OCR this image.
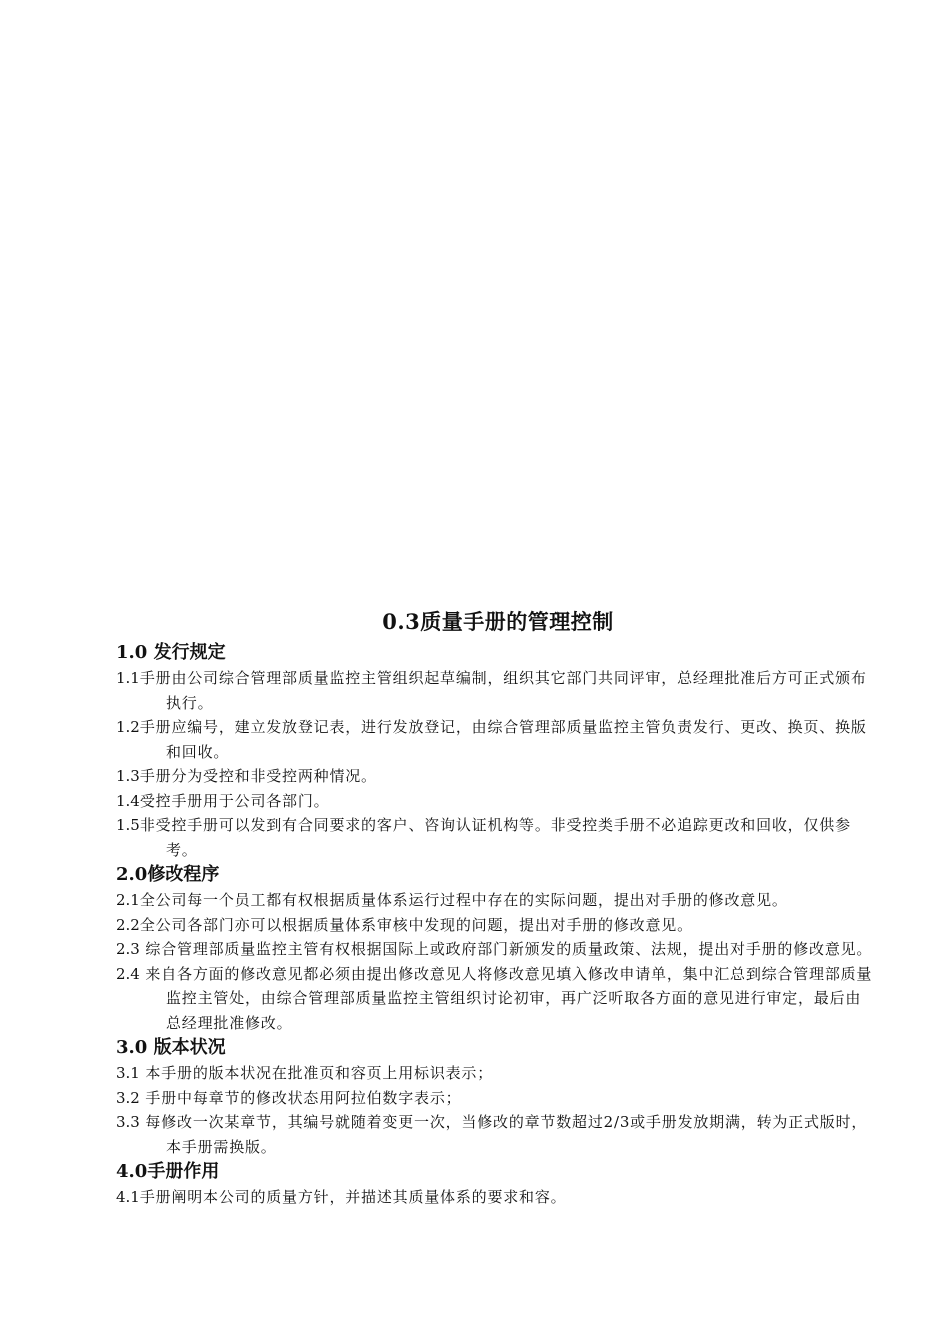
0.3质量手册的管理控制
1.0 发行规定

1.1手册由公司综合管理部质量监控主管组织起草编制，组织其它部门共同评审，总经理批准后方可正式颁布执行。

1.2手册应编号，建立发放登记表，进行发放登记，由综合管理部质量监控主管负责发行、更改、换页、换版和回收。

1.3手册分为受控和非受控两种情况。

1.4受控手册用于公司各部门。

1.5非受控手册可以发到有合同要求的客户、咨询认证机构等。非受控类手册不必追踪更改和回收，仅供参考。

2.0修改程序

2.1全公司每一个员工都有权根据质量体系运行过程中存在的实际问题，提出对手册的修改意见。

2.2全公司各部门亦可以根据质量体系审核中发现的问题，提出对手册的修改意见。

2.3 综合管理部质量监控主管有权根据国际上或政府部门新颁发的质量政策、法规，提出对手册的修改意见。

2.4 来自各方面的修改意见都必须由提出修改意见人将修改意见填入修改申请单，集中汇总到综合管理部质量监控主管处，由综合管理部质量监控主管组织讨论初审，再广泛听取各方面的意见进行审定，最后由总经理批准修改。

3.0 版本状况

3.1 本手册的版本状况在批准页和容页上用标识表示；

3.2 手册中每章节的修改状态用阿拉伯数字表示；

3.3 每修改一次某章节，其编号就随着变更一次，当修改的章节数超过2/3或手册发放期满，转为正式版时，本手册需换版。

4.0手册作用

4.1手册阐明本公司的质量方针，并描述其质量体系的要求和容。
